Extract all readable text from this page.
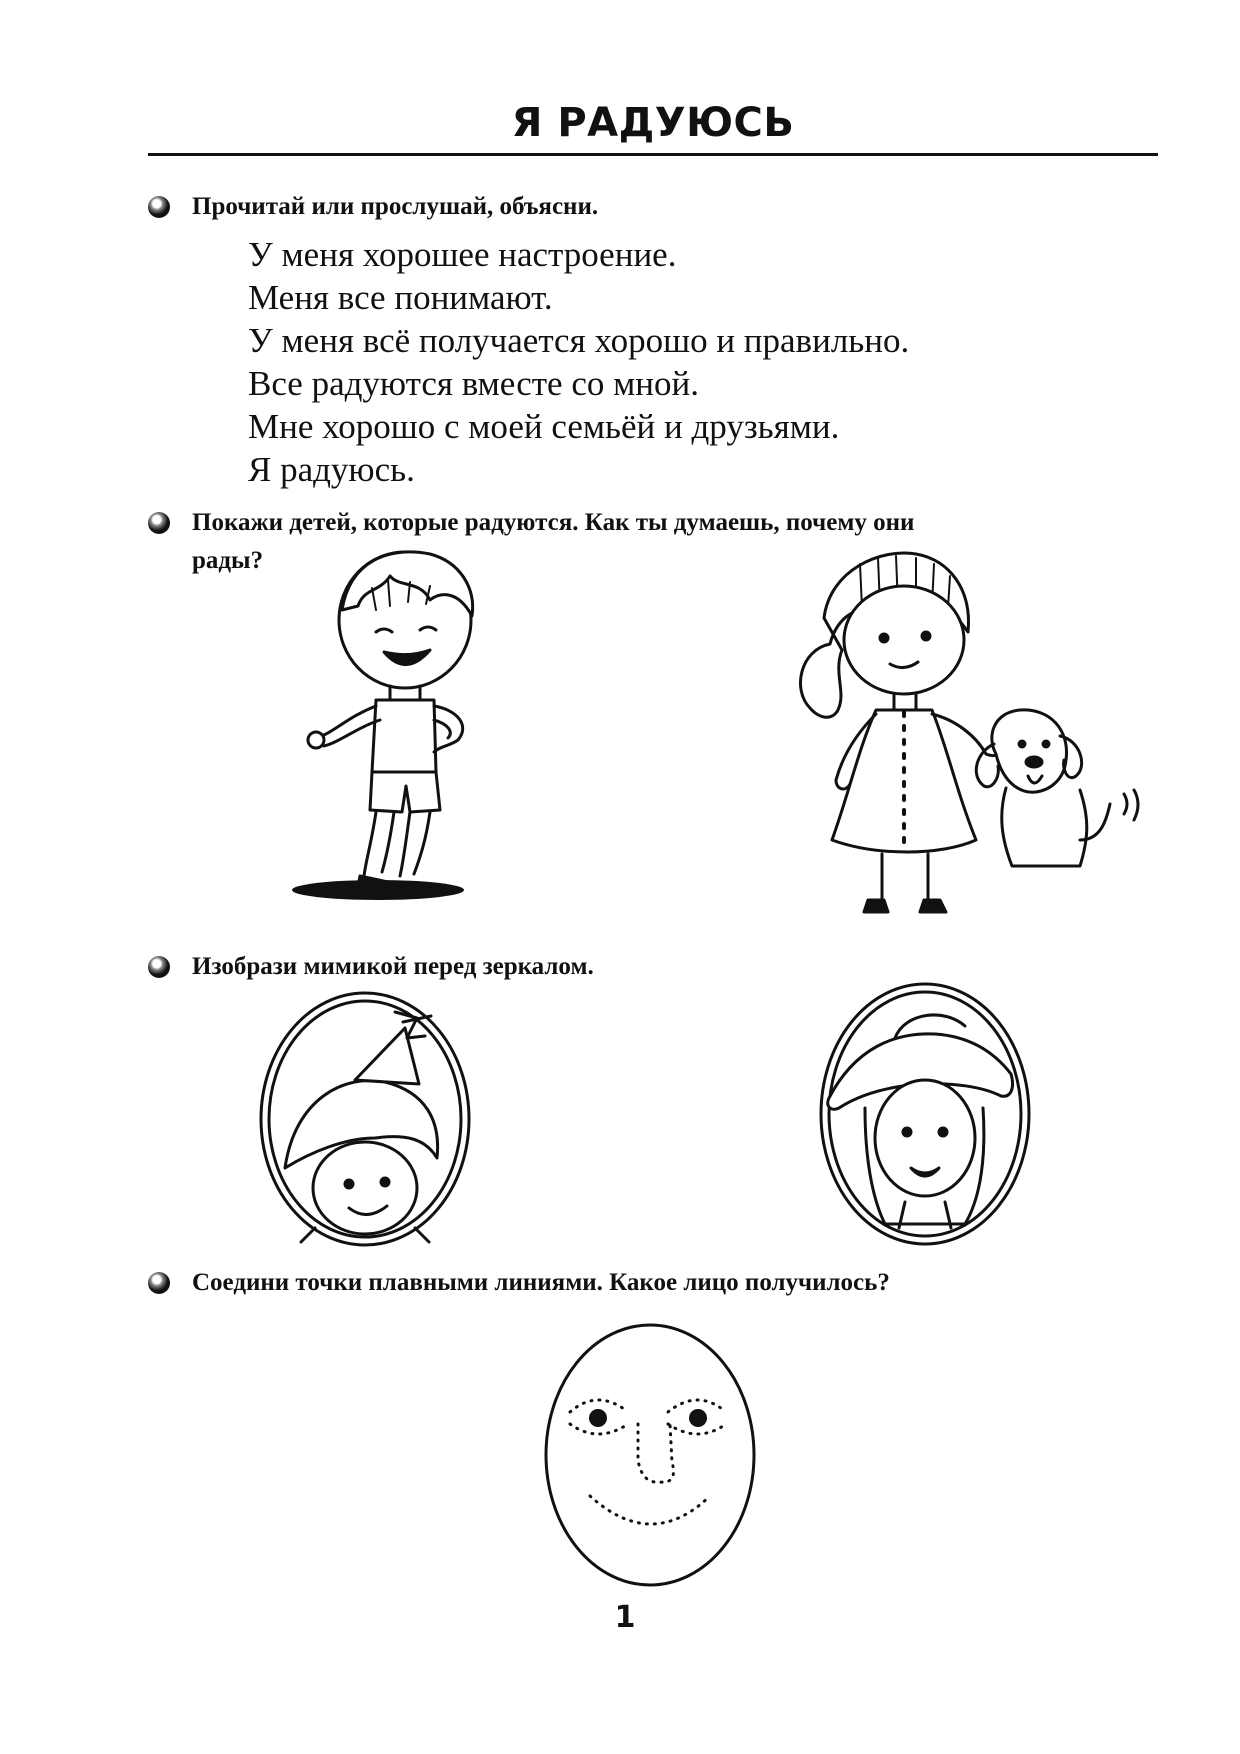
Я РАДУЮСЬ
Прочитай или прослушай, объясни.
У меня хорошее настроение.
Меня все понимают.
У меня всё получается хорошо и правильно.
Все радуются вместе со мной.
Мне хорошо с моей семьёй и друзьями.
Я радуюсь.
Покажи детей, которые радуются. Как ты думаешь, почему они
рады?
Изобрази мимикой перед зеркалом.
Соедини точки плавными линиями. Какое лицо получилось?
1
